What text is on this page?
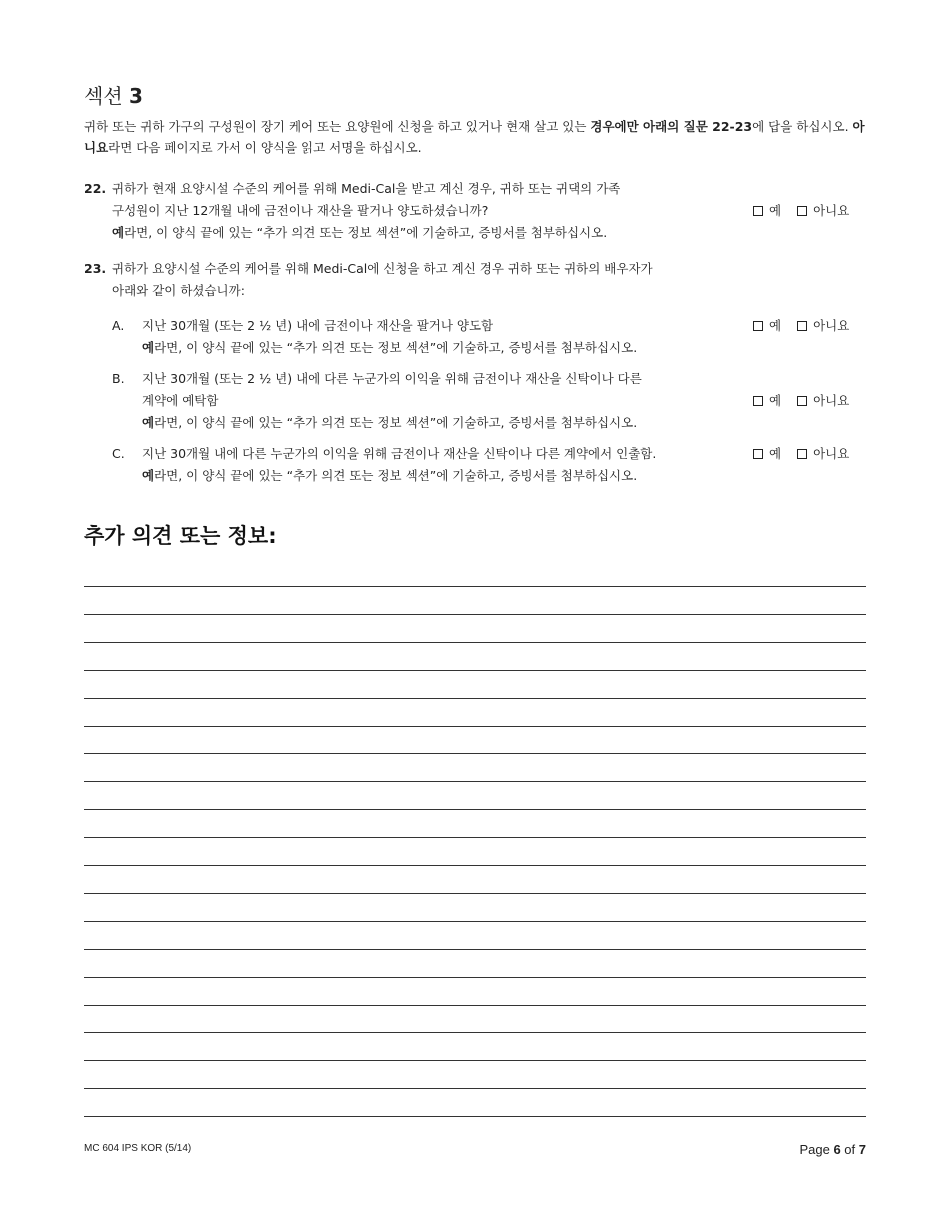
섹션 3
귀하 또는 귀하 가구의 구성원이 장기 케어 또는 요양원에 신청을 하고 있거나 현재 살고 있는 경우에만 아래의 질문 22-23에 답을 하십시오. 아니요라면 다음 페이지로 가서 이 양식을 읽고 서명을 하십시오.
22. 귀하가 현재 요양시설 수준의 케어를 위해 Medi-Cal을 받고 계신 경우, 귀하 또는 귀댁의 가족
구성원이 지난 12개월 내에 금전이나 재산을 팔거나 양도하셨습니까?
예라면, 이 양식 끝에 있는 “추가 의견 또는 정보 섹션”에 기술하고, 증빙서를 첨부하십시오.
예	아니요
23. 귀하가 요양시설 수준의 케어를 위해 Medi-Cal에 신청을 하고 계신 경우 귀하 또는 귀하의 배우자가
아래와 같이 하셨습니까:
A. 지난 30개월 (또는 2 ½ 년) 내에 금전이나 재산을 팔거나 양도함
예라면, 이 양식 끝에 있는 “추가 의견 또는 정보 섹션”에 기술하고, 증빙서를 첨부하십시오.
예	아니요
B. 지난 30개월 (또는 2 ½ 년) 내에 다른 누군가의 이익을 위해 금전이나 재산을 신탁이나 다른
계약에 예탁함
예라면, 이 양식 끝에 있는 “추가 의견 또는 정보 섹션”에 기술하고, 증빙서를 첨부하십시오.
예	아니요
C. 지난 30개월 내에 다른 누군가의 이익을 위해 금전이나 재산을 신탁이나 다른 계약에서 인출함.
예라면, 이 양식 끝에 있는 “추가 의견 또는 정보 섹션”에 기술하고, 증빙서를 첨부하십시오.
예	아니요
추가 의견 또는 정보:
MC 604 IPS KOR (5/14)	Page 6 of 7
